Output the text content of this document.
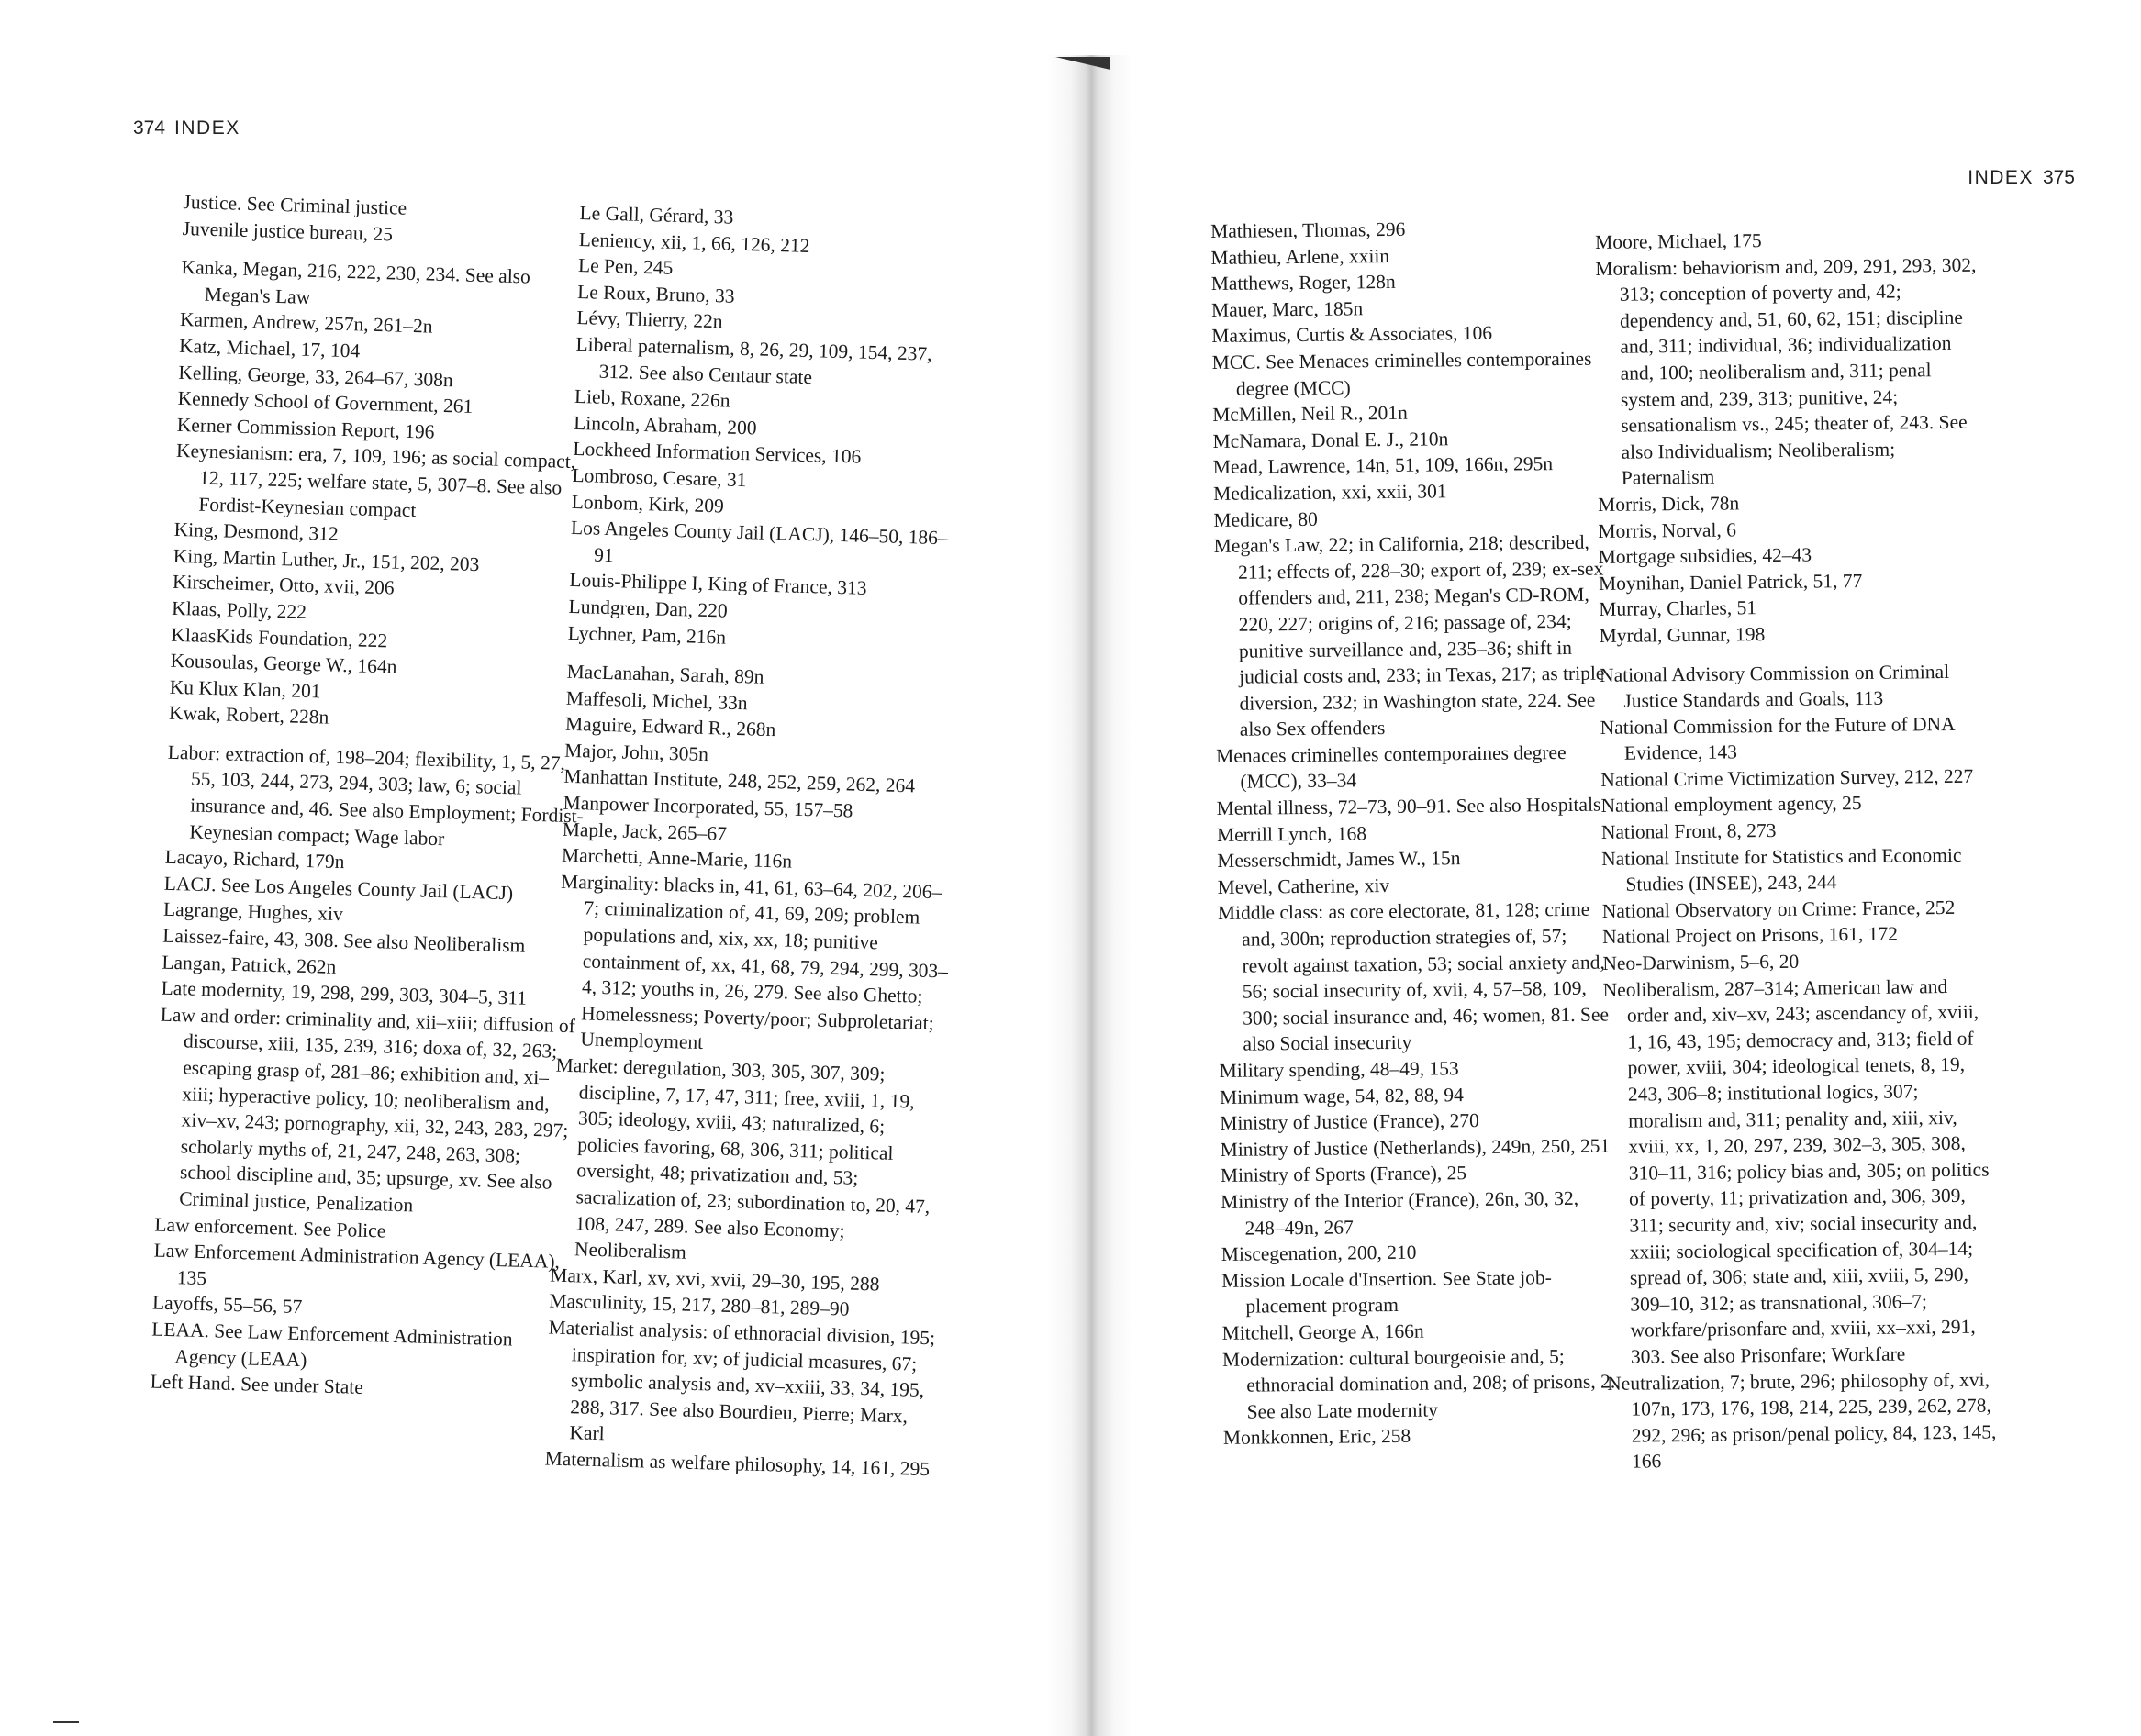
374 INDEX

Justice. See Criminal justice

Juvenile justice bureau, 25

Kanka, Megan, 216, 222, 230, 234. See also Megan's Law

Karmen, Andrew, 257n, 261–2n

Katz, Michael, 17, 104

Kelling, George, 33, 264–67, 308n

Kennedy School of Government, 261

Kerner Commission Report, 196

Keynesianism: era, 7, 109, 196; as social compact, 12, 117, 225; welfare state, 5, 307–8. See also Fordist-Keynesian compact

King, Desmond, 312

King, Martin Luther, Jr., 151, 202, 203

Kirscheimer, Otto, xvii, 206

Klaas, Polly, 222

KlaasKids Foundation, 222

Kousoulas, George W., 164n

Ku Klux Klan, 201

Kwak, Robert, 228n

Labor: extraction of, 198–204; flexibility, 1, 5, 27, 55, 103, 244, 273, 294, 303; law, 6; social insurance and, 46. See also Employment; Fordist-Keynesian compact; Wage labor

Lacayo, Richard, 179n

LACJ. See Los Angeles County Jail (LACJ)

Lagrange, Hughes, xiv

Laissez-faire, 43, 308. See also Neoliberalism

Langan, Patrick, 262n

Late modernity, 19, 298, 299, 303, 304–5, 311

Law and order: criminality and, xii–xiii; diffusion of discourse, xiii, 135, 239, 316; doxa of, 32, 263; escaping grasp of, 281–86; exhibition and, xi–xiii; hyperactive policy, 10; neoliberalism and, xiv–xv, 243; pornography, xii, 32, 243, 283, 297; scholarly myths of, 21, 247, 248, 263, 308; school discipline and, 35; upsurge, xv. See also Criminal justice, Penalization

Law enforcement. See Police

Law Enforcement Administration Agency (LEAA), 135

Layoffs, 55–56, 57

LEAA. See Law Enforcement Administration Agency (LEAA)

Left Hand. See under State

Le Gall, Gérard, 33

Leniency, xii, 1, 66, 126, 212

Le Pen, 245

Le Roux, Bruno, 33

Lévy, Thierry, 22n

Liberal paternalism, 8, 26, 29, 109, 154, 237, 312. See also Centaur state

Lieb, Roxane, 226n

Lincoln, Abraham, 200

Lockheed Information Services, 106

Lombroso, Cesare, 31

Lonbom, Kirk, 209

Los Angeles County Jail (LACJ), 146–50, 186–91

Louis-Philippe I, King of France, 313

Lundgren, Dan, 220

Lychner, Pam, 216n

MacLanahan, Sarah, 89n

Maffesoli, Michel, 33n

Maguire, Edward R., 268n

Major, John, 305n

Manhattan Institute, 248, 252, 259, 262, 264

Manpower Incorporated, 55, 157–58

Maple, Jack, 265–67

Marchetti, Anne-Marie, 116n

Marginality: blacks in, 41, 61, 63–64, 202, 206–7; criminalization of, 41, 69, 209; problem populations and, xix, xx, 18; punitive containment of, xx, 41, 68, 79, 294, 299, 303–4, 312; youths in, 26, 279. See also Ghetto; Homelessness; Poverty/poor; Subproletariat; Unemployment

Market: deregulation, 303, 305, 307, 309; discipline, 7, 17, 47, 311; free, xviii, 1, 19, 305; ideology, xviii, 43; naturalized, 6; policies favoring, 68, 306, 311; political oversight, 48; privatization and, 53; sacralization of, 23; subordination to, 20, 47, 108, 247, 289. See also Economy; Neoliberalism

Marx, Karl, xv, xvi, xvii, 29–30, 195, 288

Masculinity, 15, 217, 280–81, 289–90

Materialist analysis: of ethnoracial division, 195; inspiration for, xv; of judicial measures, 67; symbolic analysis and, xv–xxiii, 33, 34, 195, 288, 317. See also Bourdieu, Pierre; Marx, Karl

Maternalism as welfare philosophy, 14, 161, 295

INDEX 375

Mathiesen, Thomas, 296

Mathieu, Arlene, xxiin

Matthews, Roger, 128n

Mauer, Marc, 185n

Maximus, Curtis & Associates, 106

MCC. See Menaces criminelles contemporaines degree (MCC)

McMillen, Neil R., 201n

McNamara, Donal E. J., 210n

Mead, Lawrence, 14n, 51, 109, 166n, 295n

Medicalization, xxi, xxii, 301

Medicare, 80

Megan's Law, 22; in California, 218; described, 211; effects of, 228–30; export of, 239; ex-sex offenders and, 211, 238; Megan's CD-ROM, 220, 227; origins of, 216; passage of, 234; punitive surveillance and, 235–36; shift in judicial costs and, 233; in Texas, 217; as triple diversion, 232; in Washington state, 224. See also Sex offenders

Menaces criminelles contemporaines degree (MCC), 33–34

Mental illness, 72–73, 90–91. See also Hospitals

Merrill Lynch, 168

Messerschmidt, James W., 15n

Mevel, Catherine, xiv

Middle class: as core electorate, 81, 128; crime and, 300n; reproduction strategies of, 57; revolt against taxation, 53; social anxiety and, 56; social insecurity of, xvii, 4, 57–58, 109, 300; social insurance and, 46; women, 81. See also Social insecurity

Military spending, 48–49, 153

Minimum wage, 54, 82, 88, 94

Ministry of Justice (France), 270

Ministry of Justice (Netherlands), 249n, 250, 251

Ministry of Sports (France), 25

Ministry of the Interior (France), 26n, 30, 32, 248–49n, 267

Miscegenation, 200, 210

Mission Locale d'Insertion. See State job-placement program

Mitchell, George A, 166n

Modernization: cultural bourgeoisie and, 5; ethnoracial domination and, 208; of prisons, 2. See also Late modernity

Monkkonnen, Eric, 258

Moore, Michael, 175

Moralism: behaviorism and, 209, 291, 293, 302, 313; conception of poverty and, 42; dependency and, 51, 60, 62, 151; discipline and, 311; individual, 36; individualization and, 100; neoliberalism and, 311; penal system and, 239, 313; punitive, 24; sensationalism vs., 245; theater of, 243. See also Individualism; Neoliberalism; Paternalism

Morris, Dick, 78n

Morris, Norval, 6

Mortgage subsidies, 42–43

Moynihan, Daniel Patrick, 51, 77

Murray, Charles, 51

Myrdal, Gunnar, 198

National Advisory Commission on Criminal Justice Standards and Goals, 113

National Commission for the Future of DNA Evidence, 143

National Crime Victimization Survey, 212, 227

National employment agency, 25

National Front, 8, 273

National Institute for Statistics and Economic Studies (INSEE), 243, 244

National Observatory on Crime: France, 252

National Project on Prisons, 161, 172

Neo-Darwinism, 5–6, 20

Neoliberalism, 287–314; American law and order and, xiv–xv, 243; ascendancy of, xviii, 1, 16, 43, 195; democracy and, 313; field of power, xviii, 304; ideological tenets, 8, 19, 243, 306–8; institutional logics, 307; moralism and, 311; penality and, xiii, xiv, xviii, xx, 1, 20, 297, 239, 302–3, 305, 308, 310–11, 316; policy bias and, 305; on politics of poverty, 11; privatization and, 306, 309, 311; security and, xiv; social insecurity and, xxiii; sociological specification of, 304–14; spread of, 306; state and, xiii, xviii, 5, 290, 309–10, 312; as transnational, 306–7; workfare/prisonfare and, xviii, xx–xxi, 291, 303. See also Prisonfare; Workfare

Neutralization, 7; brute, 296; philosophy of, xvi, 107n, 173, 176, 198, 214, 225, 239, 262, 278, 292, 296; as prison/penal policy, 84, 123, 145, 166
